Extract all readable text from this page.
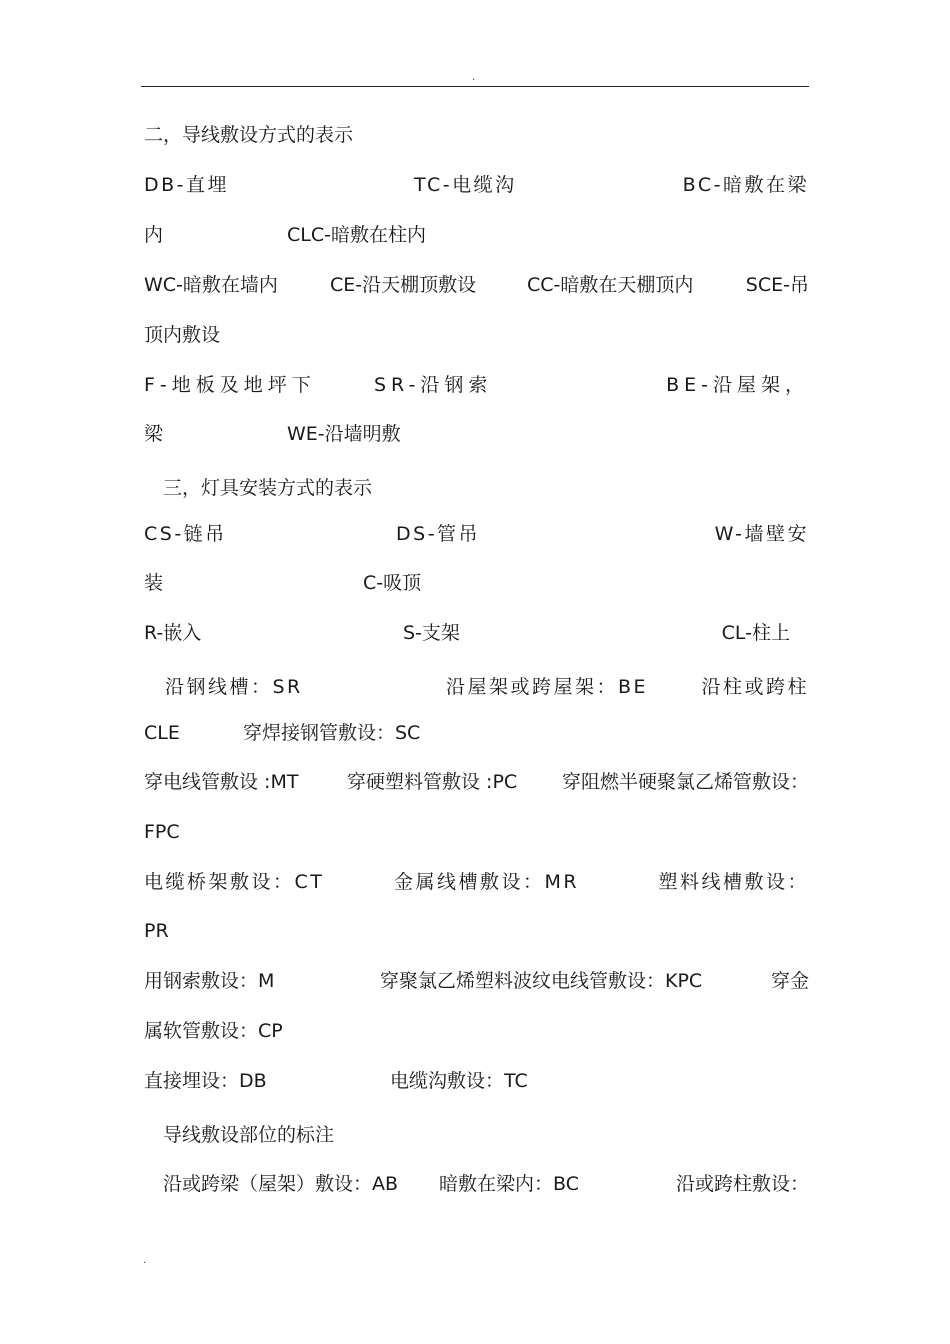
.
二，导线敷设方式的表示
DB-直埋	TC-电缆沟	BC-暗敷在梁
内	CLC-暗敷在柱内
WC-暗敷在墙内	CE-沿天棚顶敷设	CC-暗敷在天棚顶内	SCE-吊
顶内敷设
F-地板及地坪下	SR-沿钢索	BE-沿屋架，
梁	WE-沿墙明敷
三，灯具安装方式的表示
CS-链吊	DS-管吊	W-墙壁安
装	C-吸顶
R-嵌入	S-支架	CL-柱上
沿钢线槽：SR	沿屋架或跨屋架：BE	沿柱或跨柱
CLE	穿焊接钢管敷设：SC
穿电线管敷设 :MT	穿硬塑料管敷设 :PC 穿阻燃半硬聚氯乙烯管敷设：
FPC
电缆桥架敷设：CT	金属线槽敷设：MR	塑料线槽敷设：
PR
用钢索敷设：M	穿聚氯乙烯塑料波纹电线管敷设：KPC	穿金
属软管敷设：CP
直接埋设：DB	电缆沟敷设：TC
导线敷设部位的标注
沿或跨梁（屋架）敷设：AB 暗敷在梁内：BC	沿或跨柱敷设：
.
